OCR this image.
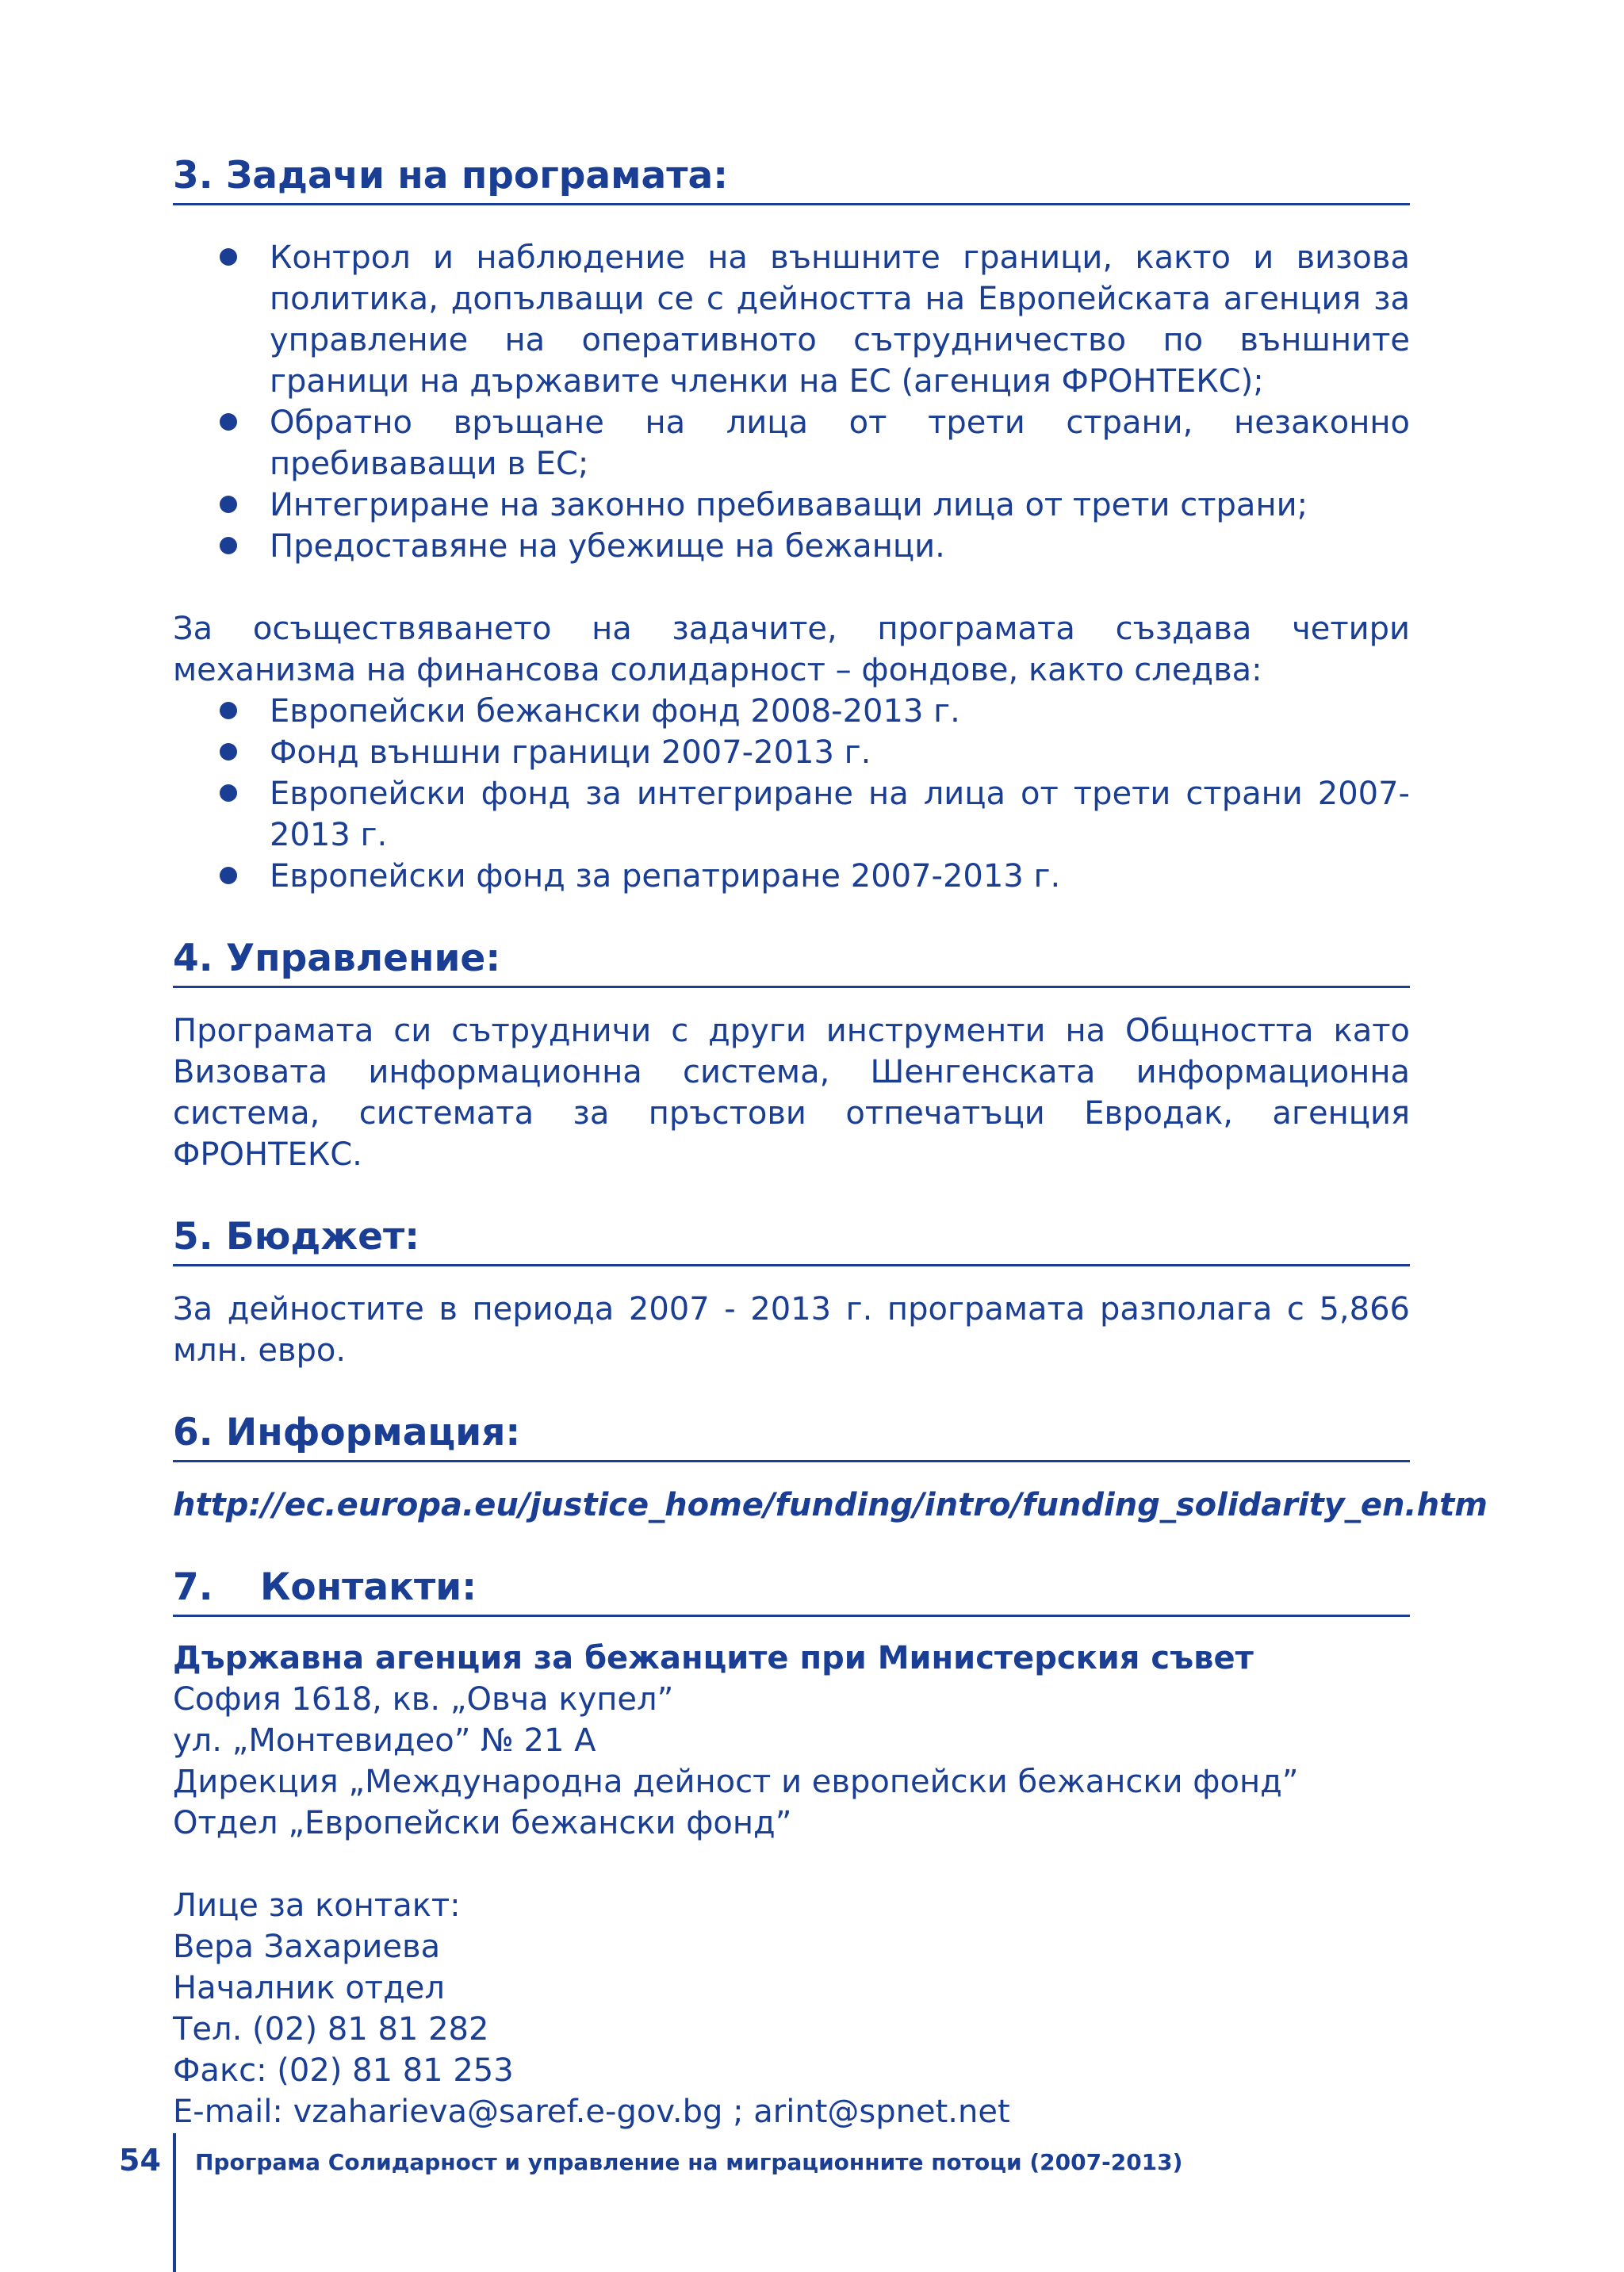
3. Задачи на програмата:
Контрол и наблюдение на външните граници, както и визова политика, допълващи се с дейността на Европейската агенция за управление на оперативното сътрудничество по външните граници на държавите членки на ЕС (агенция ФРОНТЕКС);
Обратно връщане на лица от трети страни, незаконно пребиваващи в ЕС;
Интегриране на законно пребиваващи лица от трети страни;
Предоставяне на убежище на бежанци.
За осъществяването на задачите, програмата създава четири механизма на финансова солидарност – фондове, както следва:
Европейски бежански фонд 2008-2013 г.
Фонд външни граници 2007-2013 г.
Европейски фонд за интегриране на лица от трети страни 2007-2013 г.
Европейски фонд за репатриране 2007-2013 г.
4. Управление:
Програмата си сътрудничи с други инструменти на Общността като Визовата информационна система, Шенгенската информационна система, системата за пръстови отпечатъци Евродак, агенция ФРОНТЕКС.
5. Бюджет:
За дейностите в периода 2007 - 2013 г. програмата разполага с 5,866 млн. евро.
6. Информация:
http://ec.europa.eu/justice_home/funding/intro/funding_solidarity_en.htm
7. Контакти:
Държавна агенция за бежанците при Министерския съвет
София 1618, кв. „Овча купел”
ул. „Монтевидео” № 21 А
Дирекция „Международна дейност и европейски бежански фонд”
Отдел „Европейски бежански фонд”
Лице за контакт:
Вера Захариева
Началник отдел
Тел. (02) 81 81 282
Факс: (02) 81 81 253
E-mail: vzaharieva@saref.e-gov.bg ; arint@spnet.net
54 Програма Солидарност и управление на миграционните потоци (2007-2013)
